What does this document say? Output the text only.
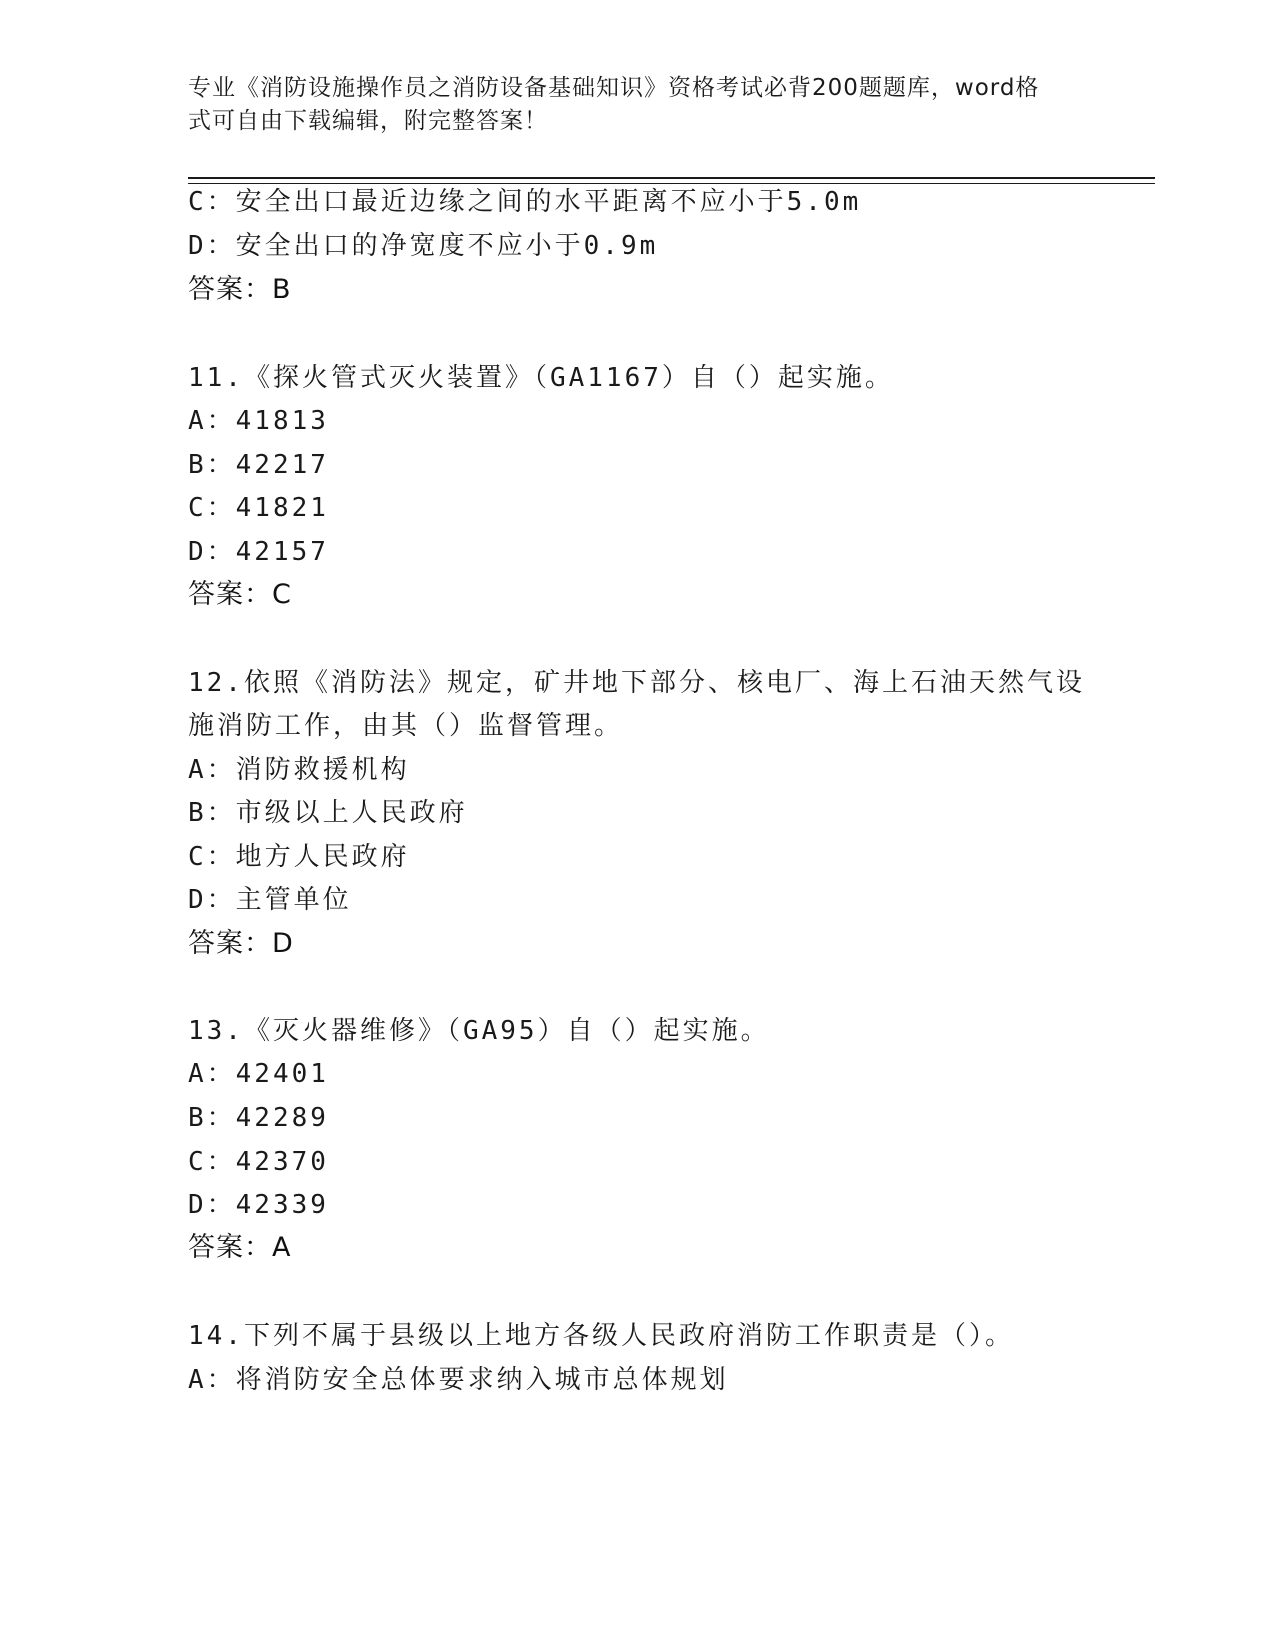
专业《消防设施操作员之消防设备基础知识》资格考试必背200题题库，word格
式可自由下载编辑，附完整答案！
C：安全出口最近边缘之间的水平距离不应小于5.0m
D：安全出口的净宽度不应小于0.9m
答案：B
11.《探火管式灭火装置》（GA1167）自（）起实施。
A：41813
B：42217
C：41821
D：42157
答案：C
12.依照《消防法》规定，矿井地下部分、核电厂、海上石油天然气设
施消防工作，由其（）监督管理。
A：消防救援机构
B：市级以上人民政府
C：地方人民政府
D：主管单位
答案：D
13.《灭火器维修》（GA95）自（）起实施。
A：42401
B：42289
C：42370
D：42339
答案：A
14.下列不属于县级以上地方各级人民政府消防工作职责是（）。
A：将消防安全总体要求纳入城市总体规划
